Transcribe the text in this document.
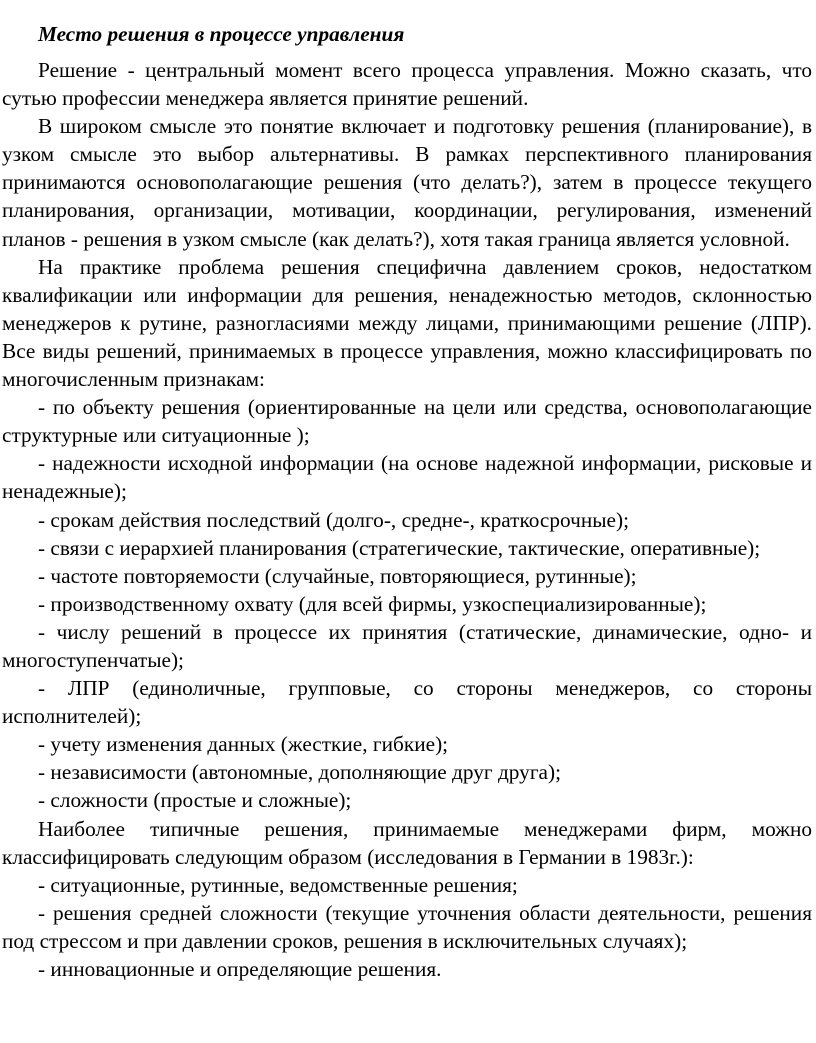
Место решения в процессе управления

Решение - центральный момент всего процесса управления. Можно сказать, что сутью профессии менеджера является принятие решений.

В широком смысле это понятие включает и подготовку решения (планирование), в узком смысле это выбор альтернативы. В рамках перспективного планирования принимаются основополагающие решения (что делать?), затем в процессе текущего планирования, организации, мотивации, координации, регулирования, изменений планов - решения в узком смысле (как делать?), хотя такая граница является условной.

На практике проблема решения специфична давлением сроков, недостатком квалификации или информации для решения, ненадежностью методов, склонностью менеджеров к рутине, разногласиями между лицами, принимающими решение (ЛПР). Все виды решений, принимаемых в процессе управления, можно классифицировать по многочисленным признакам:

- по объекту решения (ориентированные на цели или средства, основополагающие структурные или ситуационные );

- надежности исходной информации (на основе надежной информации, рисковые и ненадежные);

- срокам действия последствий (долго-, средне-, краткосрочные);

- связи с иерархией планирования (стратегические, тактические, оперативные);

- частоте повторяемости (случайные, повторяющиеся, рутинные);

- производственному охвату (для всей фирмы, узкоспециализированные);

- числу решений в процессе их принятия (статические, динамические, одно- и многоступенчатые);

- ЛПР (единоличные, групповые, со стороны менеджеров, со стороны исполнителей);

- учету изменения данных (жесткие, гибкие);

- независимости (автономные, дополняющие друг друга);

- сложности (простые и сложные);

Наиболее типичные решения, принимаемые менеджерами фирм, можно классифицировать следующим образом (исследования в Германии в 1983г.):

- ситуационные, рутинные, ведомственные решения;

- решения средней сложности (текущие уточнения области деятельности, решения под стрессом и при давлении сроков, решения в исключительных случаях);

- инновационные и определяющие решения.
